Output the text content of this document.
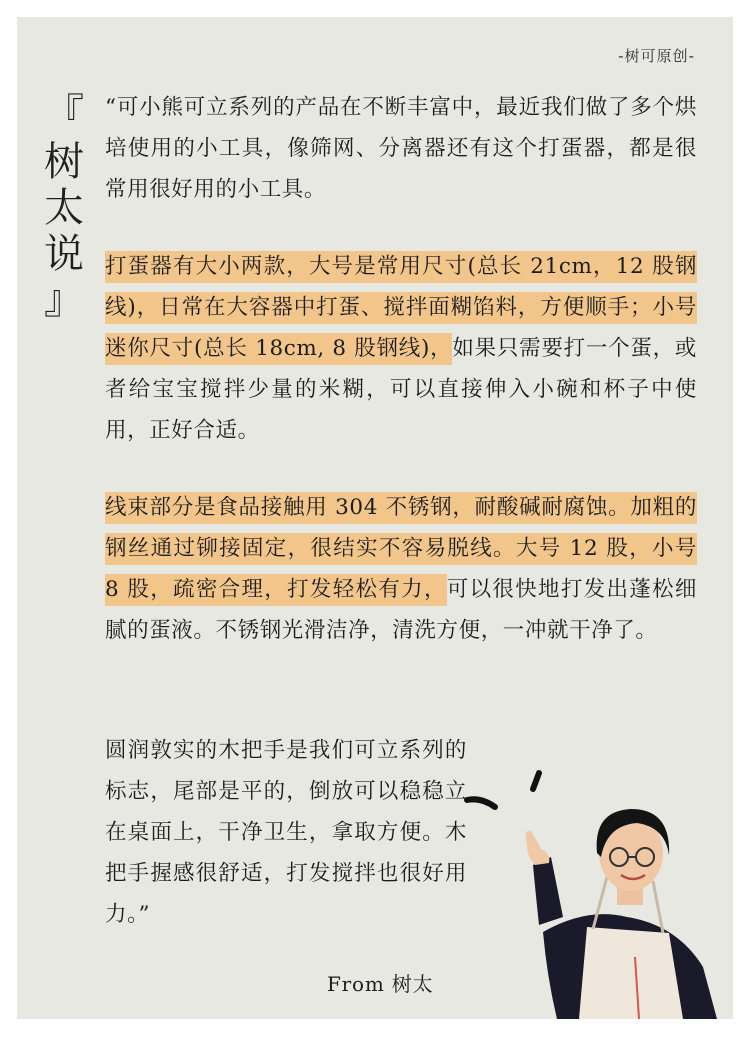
-树可原创-
『
树
太
说
』

“可小熊可立系列的产品在不断丰富中，最近我们做了多个烘培使用的小工具，像筛网、分离器还有这个打蛋器，都是很常用很好用的小工具。

打蛋器有大小两款，大号是常用尺寸(总长 21cm，12 股钢线)，日常在大容器中打蛋、搅拌面糊馅料，方便顺手；小号迷你尺寸(总长 18cm, 8 股钢线)，如果只需要打一个蛋，或者给宝宝搅拌少量的米糊，可以直接伸入小碗和杯子中使用，正好合适。

线束部分是食品接触用 304 不锈钢，耐酸碱耐腐蚀。加粗的钢丝通过铆接固定，很结实不容易脱线。大号 12 股，小号 8 股，疏密合理，打发轻松有力，可以很快地打发出蓬松细腻的蛋液。不锈钢光滑洁净，清洗方便，一冲就干净了。

圆润敦实的木把手是我们可立系列的标志，尾部是平的，倒放可以稳稳立在桌面上，干净卫生，拿取方便。木把手握感很舒适，打发搅拌也很好用力。”

From 树太
